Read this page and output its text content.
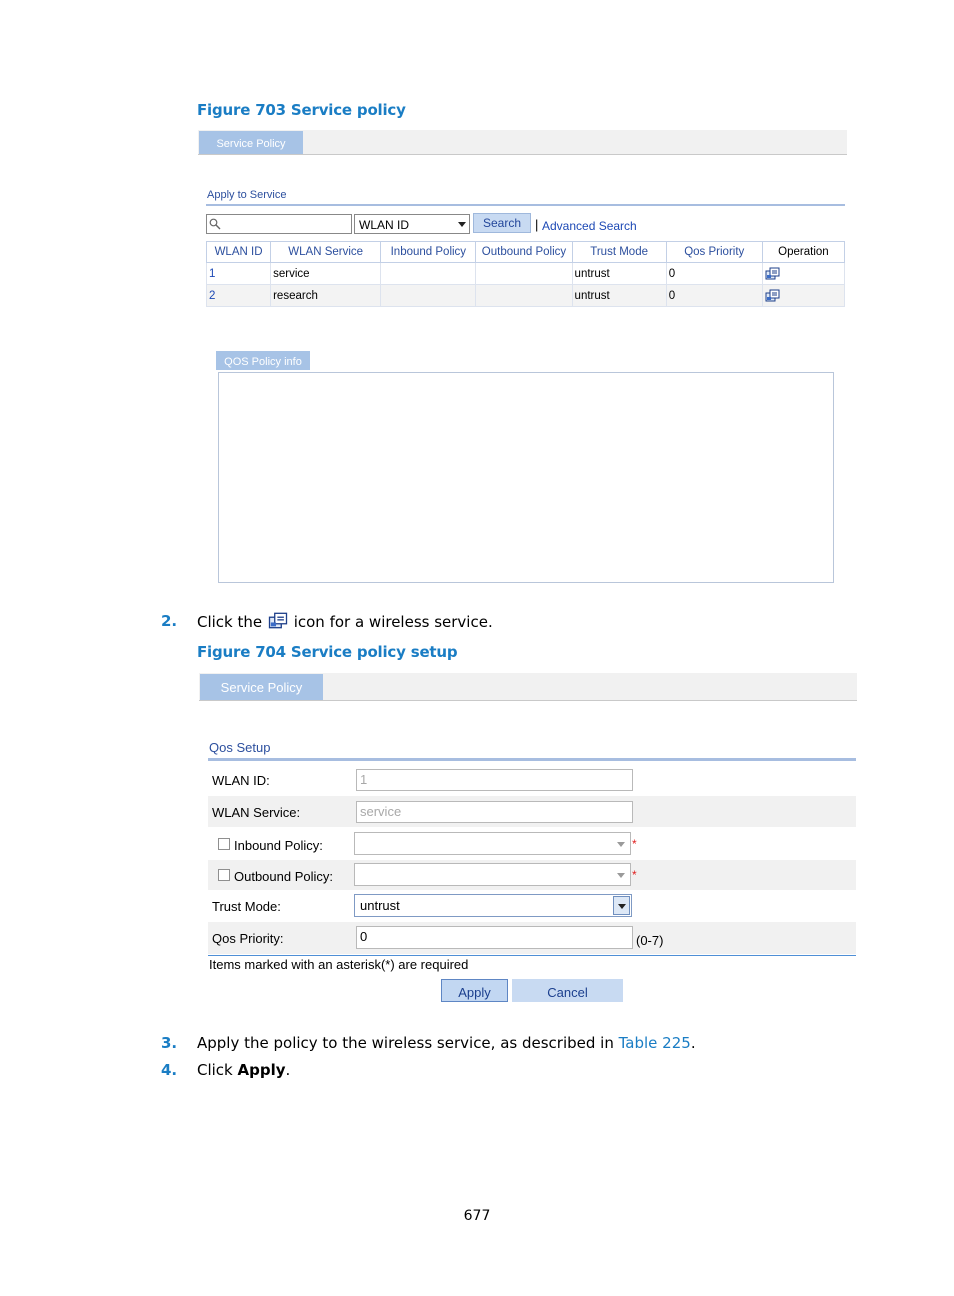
Figure 703 Service policy
Service Policy
Apply to Service
WLAN ID	Search	| Advanced Search
WLAN ID	WLAN Service	Inbound Policy	Outbound Policy	Trust Mode	Qos Priority	Operation
1	service			untrust	0	
2	research			untrust	0	
QOS Policy info
2. Click the icon for a wireless service.
Figure 704 Service policy setup
Service Policy
Qos Setup
WLAN ID:	1
WLAN Service:	service
Inbound Policy:	*
Outbound Policy:	*
Trust Mode:	untrust
Qos Priority:	0	(0-7)
Items marked with an asterisk(*) are required
Apply	Cancel
3. Apply the policy to the wireless service, as described in Table 225.
4. Click Apply.
677
